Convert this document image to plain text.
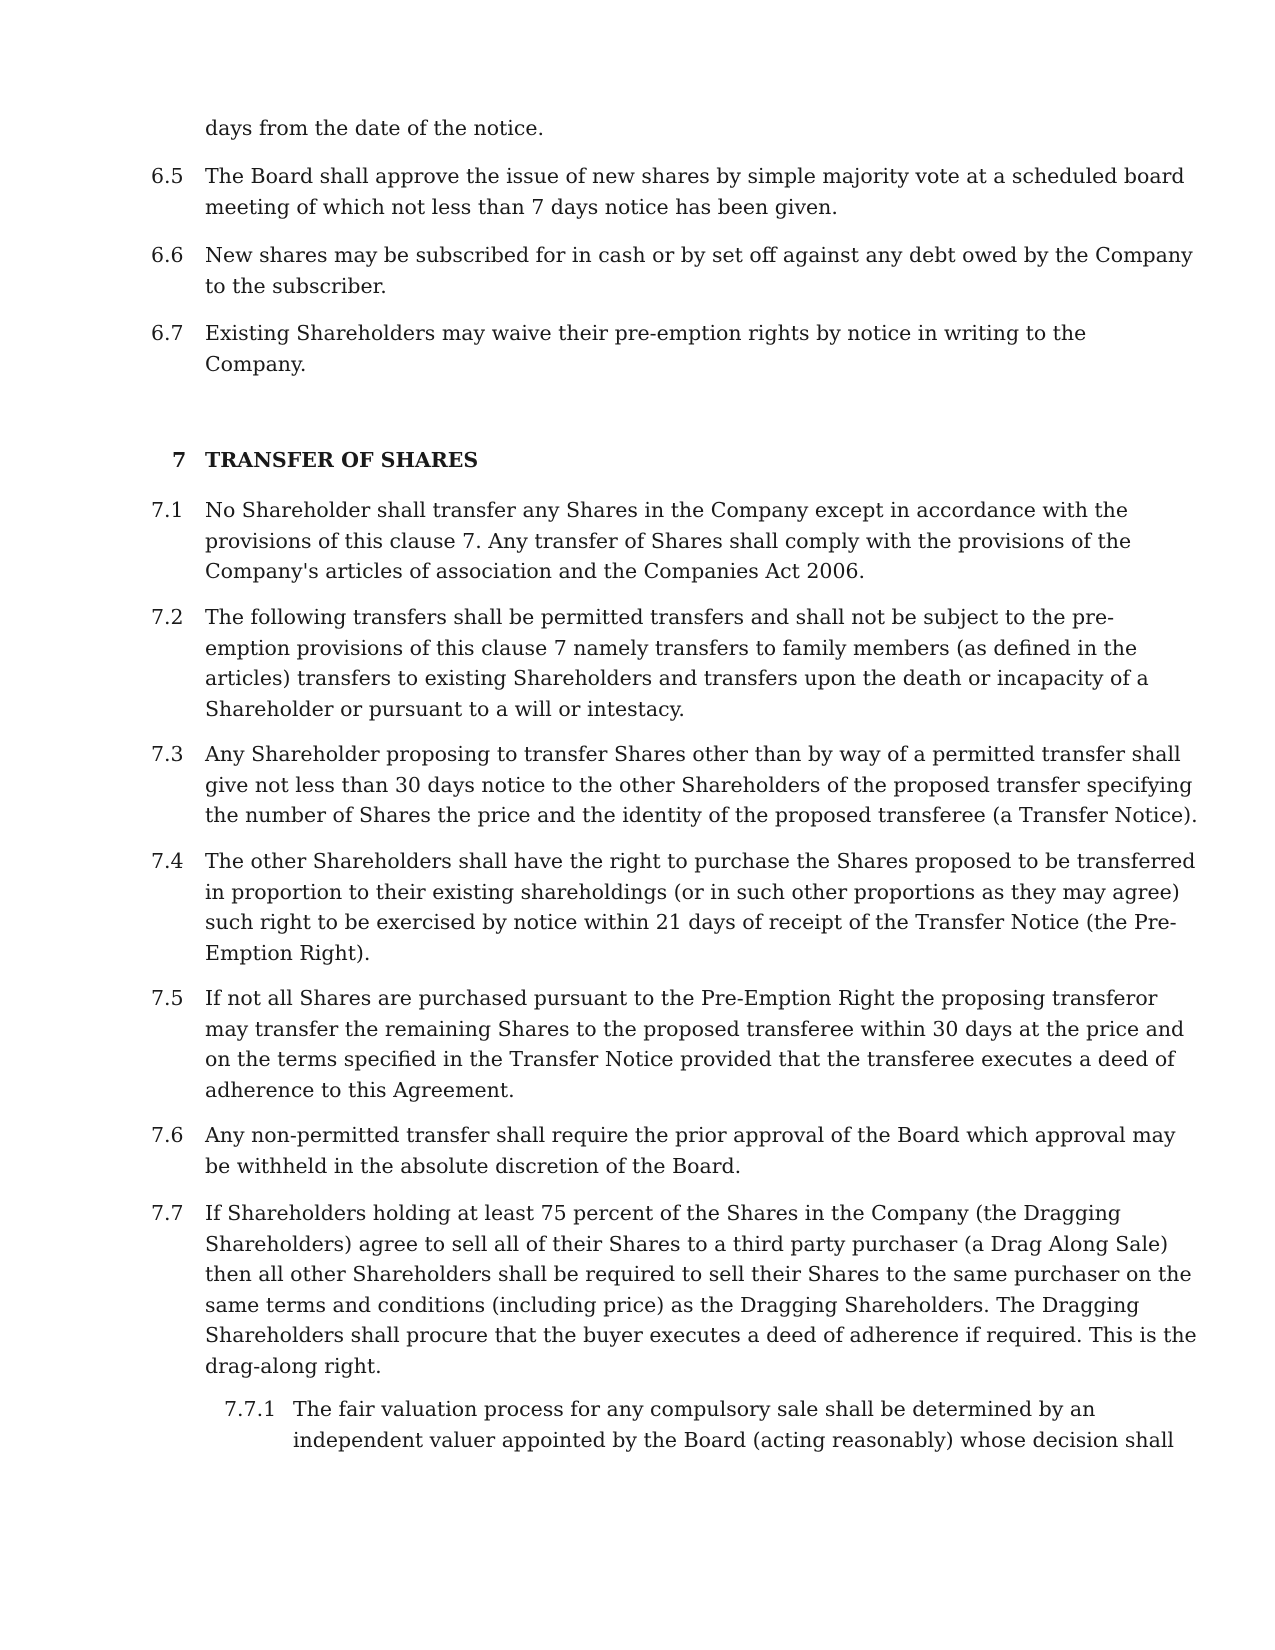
days from the date of the notice.
6.5 The Board shall approve the issue of new shares by simple majority vote at a scheduled board
meeting of which not less than 7 days notice has been given.
6.6 New shares may be subscribed for in cash or by set off against any debt owed by the Company
to the subscriber.
6.7 Existing Shareholders may waive their pre-emption rights by notice in writing to the
Company.
7 TRANSFER OF SHARES
7.1 No Shareholder shall transfer any Shares in the Company except in accordance with the
provisions of this clause 7. Any transfer of Shares shall comply with the provisions of the
Company's articles of association and the Companies Act 2006.
7.2 The following transfers shall be permitted transfers and shall not be subject to the pre-
emption provisions of this clause 7 namely transfers to family members (as defined in the
articles) transfers to existing Shareholders and transfers upon the death or incapacity of a
Shareholder or pursuant to a will or intestacy.
7.3 Any Shareholder proposing to transfer Shares other than by way of a permitted transfer shall
give not less than 30 days notice to the other Shareholders of the proposed transfer specifying
the number of Shares the price and the identity of the proposed transferee (a Transfer Notice).
7.4 The other Shareholders shall have the right to purchase the Shares proposed to be transferred
in proportion to their existing shareholdings (or in such other proportions as they may agree)
such right to be exercised by notice within 21 days of receipt of the Transfer Notice (the Pre-
Emption Right).
7.5 If not all Shares are purchased pursuant to the Pre-Emption Right the proposing transferor
may transfer the remaining Shares to the proposed transferee within 30 days at the price and
on the terms specified in the Transfer Notice provided that the transferee executes a deed of
adherence to this Agreement.
7.6 Any non-permitted transfer shall require the prior approval of the Board which approval may
be withheld in the absolute discretion of the Board.
7.7 If Shareholders holding at least 75 percent of the Shares in the Company (the Dragging
Shareholders) agree to sell all of their Shares to a third party purchaser (a Drag Along Sale)
then all other Shareholders shall be required to sell their Shares to the same purchaser on the
same terms and conditions (including price) as the Dragging Shareholders. The Dragging
Shareholders shall procure that the buyer executes a deed of adherence if required. This is the
drag-along right.
7.7.1 The fair valuation process for any compulsory sale shall be determined by an
independent valuer appointed by the Board (acting reasonably) whose decision shall
